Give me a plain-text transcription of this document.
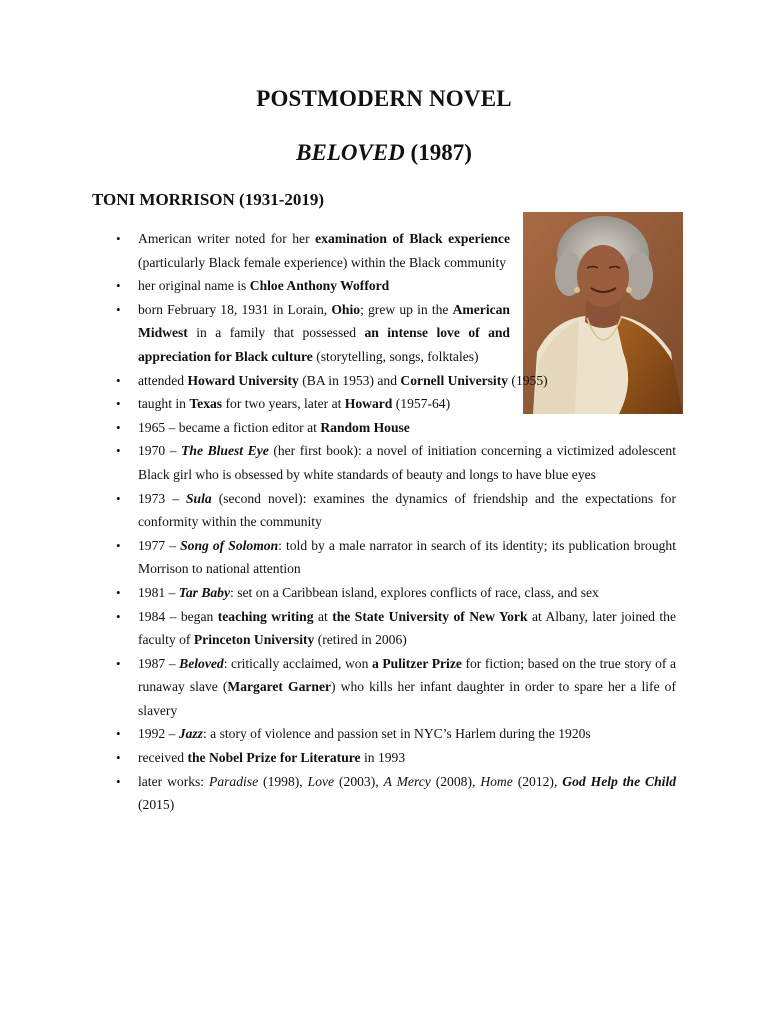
POSTMODERN NOVEL
BELOVED (1987)
TONI MORRISON (1931-2019)
• American writer noted for her examination of Black experience (particularly Black female experience) within the Black community
• her original name is Chloe Anthony Wofford
• born February 18, 1931 in Lorain, Ohio; grew up in the American Midwest in a family that possessed an intense love of and appreciation for Black culture (storytelling, songs, folktales)
• attended Howard University (BA in 1953) and Cornell University (1955)
• taught in Texas for two years, later at Howard (1957-64)
• 1965 – became a fiction editor at Random House
• 1970 – The Bluest Eye (her first book): a novel of initiation concerning a victimized adolescent Black girl who is obsessed by white standards of beauty and longs to have blue eyes
• 1973 – Sula (second novel): examines the dynamics of friendship and the expectations for conformity within the community
• 1977 – Song of Solomon: told by a male narrator in search of its identity; its publication brought Morrison to national attention
• 1981 – Tar Baby: set on a Caribbean island, explores conflicts of race, class, and sex
• 1984 – began teaching writing at the State University of New York at Albany, later joined the faculty of Princeton University (retired in 2006)
• 1987 – Beloved: critically acclaimed, won a Pulitzer Prize for fiction; based on the true story of a runaway slave (Margaret Garner) who kills her infant daughter in order to spare her a life of slavery
• 1992 – Jazz: a story of violence and passion set in NYC’s Harlem during the 1920s
• received the Nobel Prize for Literature in 1993
• later works: Paradise (1998), Love (2003), A Mercy (2008), Home (2012), God Help the Child (2015)
